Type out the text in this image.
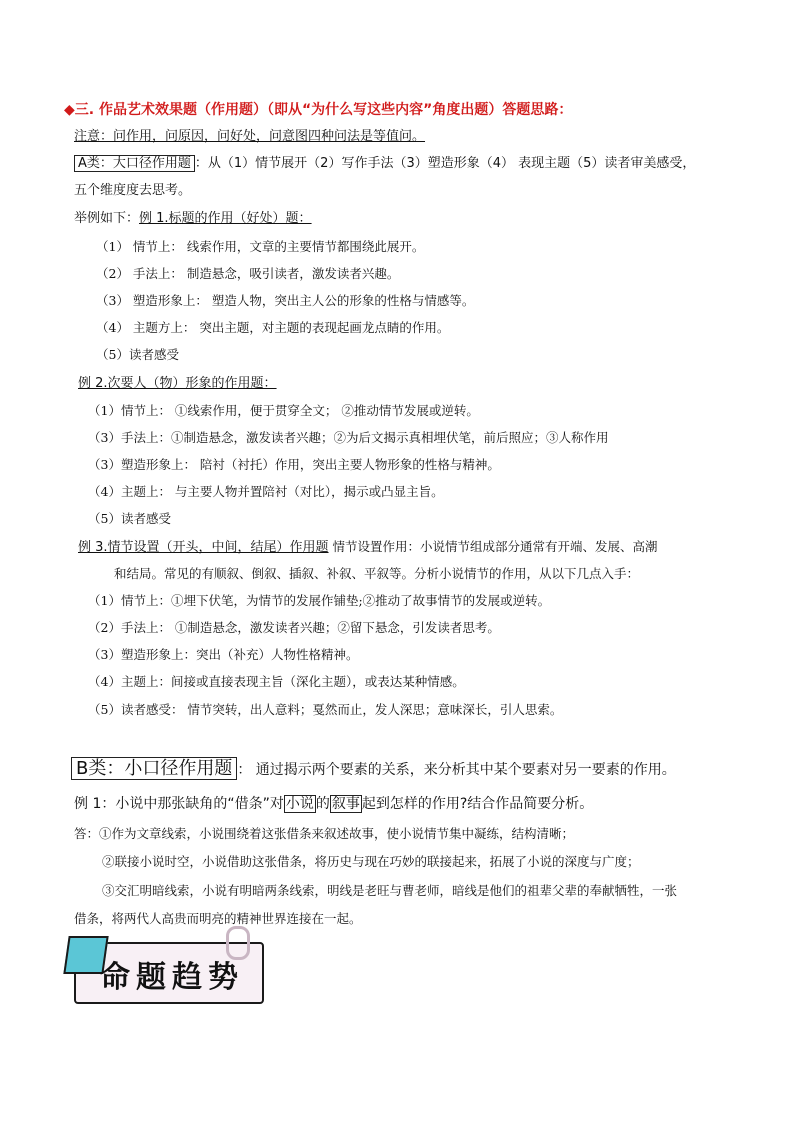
◆三. 作品艺术效果题（作用题）（即从“为什么写这些内容”角度出题）答题思路：
注意：问作用，问原因，问好处，问意图四种问法是等值问。
A类：大口径作用题 ：从（1）情节展开（2）写作手法（3）塑造形象（4） 表现主题（5）读者审美感受，
五个维度度去思考。
举例如下：例 1.标题的作用（好处）题：
（1） 情节上： 线索作用，文章的主要情节都围绕此展开。
（2） 手法上： 制造悬念，吸引读者，激发读者兴趣。
（3） 塑造形象上： 塑造人物，突出主人公的形象的性格与情感等。
（4） 主题方上： 突出主题，对主题的表现起画龙点睛的作用。
（5）读者感受
例 2.次要人（物）形象的作用题：
（1）情节上： ①线索作用，便于贯穿全文； ②推动情节发展或逆转。
（3）手法上：①制造悬念，激发读者兴趣；②为后文揭示真相埋伏笔，前后照应；③人称作用
（3）塑造形象上： 陪衬（衬托）作用，突出主要人物形象的性格与精神。
（4）主题上： 与主要人物并置陪衬（对比），揭示或凸显主旨。
（5）读者感受
例 3.情节设置（开头，中间，结尾）作用题 情节设置作用：小说情节组成部分通常有开端、发展、高潮
和结局。常见的有顺叙、倒叙、插叙、补叙、平叙等。分析小说情节的作用，从以下几点入手：
（1）情节上：①埋下伏笔，为情节的发展作铺垫;②推动了故事情节的发展或逆转。
（2）手法上： ①制造悬念，激发读者兴趣；②留下悬念，引发读者思考。
（3）塑造形象上：突出（补充）人物性格精神。
（4）主题上：间接或直接表现主旨（深化主题），或表达某种情感。
（5）读者感受： 情节突转，出人意料；戛然而止，发人深思；意味深长，引人思索。
B类：小口径作用题 ： 通过揭示两个要素的关系，来分析其中某个要素对另一要素的作用。
例 1：小说中那张缺角的“借条”对 小说 的 叙事 起到怎样的作用?结合作品简要分析。
答：①作为文章线索，小说围绕着这张借条来叙述故事，使小说情节集中凝练，结构清晰；
②联接小说时空，小说借助这张借条，将历史与现在巧妙的联接起来，拓展了小说的深度与广度；
③交汇明暗线索，小说有明暗两条线索，明线是老旺与曹老师，暗线是他们的祖辈父辈的奉献牺牲，一张
借条，将两代人高贵而明亮的精神世界连接在一起。
命题趋势
